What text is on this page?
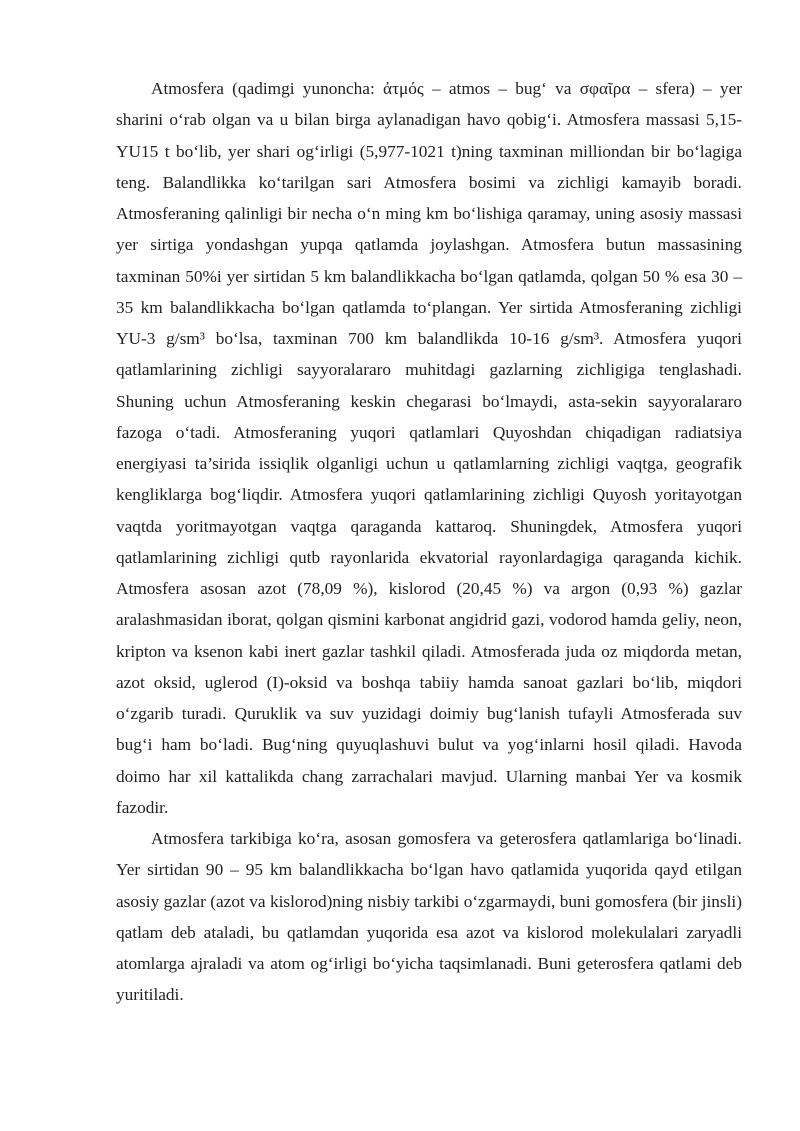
Atmosfera (qadimgi yunoncha: ἀτμός – atmos – bug‘ va σφαῖρα – sfera) – yer sharini o‘rab olgan va u bilan birga aylanadigan havo qobig‘i. Atmosfera massasi 5,15-YU15 t bo‘lib, yer shari og‘irligi (5,977-1021 t)ning taxminan milliondan bir bo‘lagiga teng. Balandlikka ko‘tarilgan sari Atmosfera bosimi va zichligi kamayib boradi. Atmosferaning qalinligi bir necha o‘n ming km bo‘lishiga qaramay, uning asosiy massasi yer sirtiga yondashgan yupqa qatlamda joylashgan. Atmosfera butun massasining taxminan 50%i yer sirtidan 5 km balandlikkacha bo‘lgan qatlamda, qolgan 50 % esa 30 – 35 km balandlikkacha bo‘lgan qatlamda to‘plangan. Yer sirtida Atmosferaning zichligi YU-3 g/sm³ bo‘lsa, taxminan 700 km balandlikda 10-16 g/sm³. Atmosfera yuqori qatlamlarining zichligi sayyoralararo muhitdagi gazlarning zichligiga tenglashadi. Shuning uchun Atmosferaning keskin chegarasi bo‘lmaydi, asta-sekin sayyoralararo fazoga o‘tadi. Atmosferaning yuqori qatlamlari Quyoshdan chiqadigan radiatsiya energiyasi ta’sirida issiqlik olganligi uchun u qatlamlarning zichligi vaqtga, geografik kengliklarga bog‘liqdir. Atmosfera yuqori qatlamlarining zichligi Quyosh yoritayotgan vaqtda yoritmayotgan vaqtga qaraganda kattaroq. Shuningdek, Atmosfera yuqori qatlamlarining zichligi qutb rayonlarida ekvatorial rayonlardagiga qaraganda kichik. Atmosfera asosan azot (78,09 %), kislorod (20,45 %) va argon (0,93 %) gazlar aralashmasidan iborat, qolgan qismini karbonat angidrid gazi, vodorod hamda geliy, neon, kripton va ksenon kabi inert gazlar tashkil qiladi. Atmosferada juda oz miqdorda metan, azot oksid, uglerod (I)-oksid va boshqa tabiiy hamda sanoat gazlari bo‘lib, miqdori o‘zgarib turadi. Quruklik va suv yuzidagi doimiy bug‘lanish tufayli Atmosferada suv bug‘i ham bo‘ladi. Bug‘ning quyuqlashuvi bulut va yog‘inlarni hosil qiladi. Havoda doimo har xil kattalikda chang zarrachalari mavjud. Ularning manbai Yer va kosmik fazodir.

Atmosfera tarkibiga ko‘ra, asosan gomosfera va geterosfera qatlamlariga bo‘linadi. Yer sirtidan 90 – 95 km balandlikkacha bo‘lgan havo qatlamida yuqorida qayd etilgan asosiy gazlar (azot va kislorod)ning nisbiy tarkibi o‘zgarmaydi, buni gomosfera (bir jinsli) qatlam deb ataladi, bu qatlamdan yuqorida esa azot va kislorod molekulalari zaryadli atomlarga ajraladi va atom og‘irligi bo‘yicha taqsimlanadi. Buni geterosfera qatlami deb yuritiladi.
